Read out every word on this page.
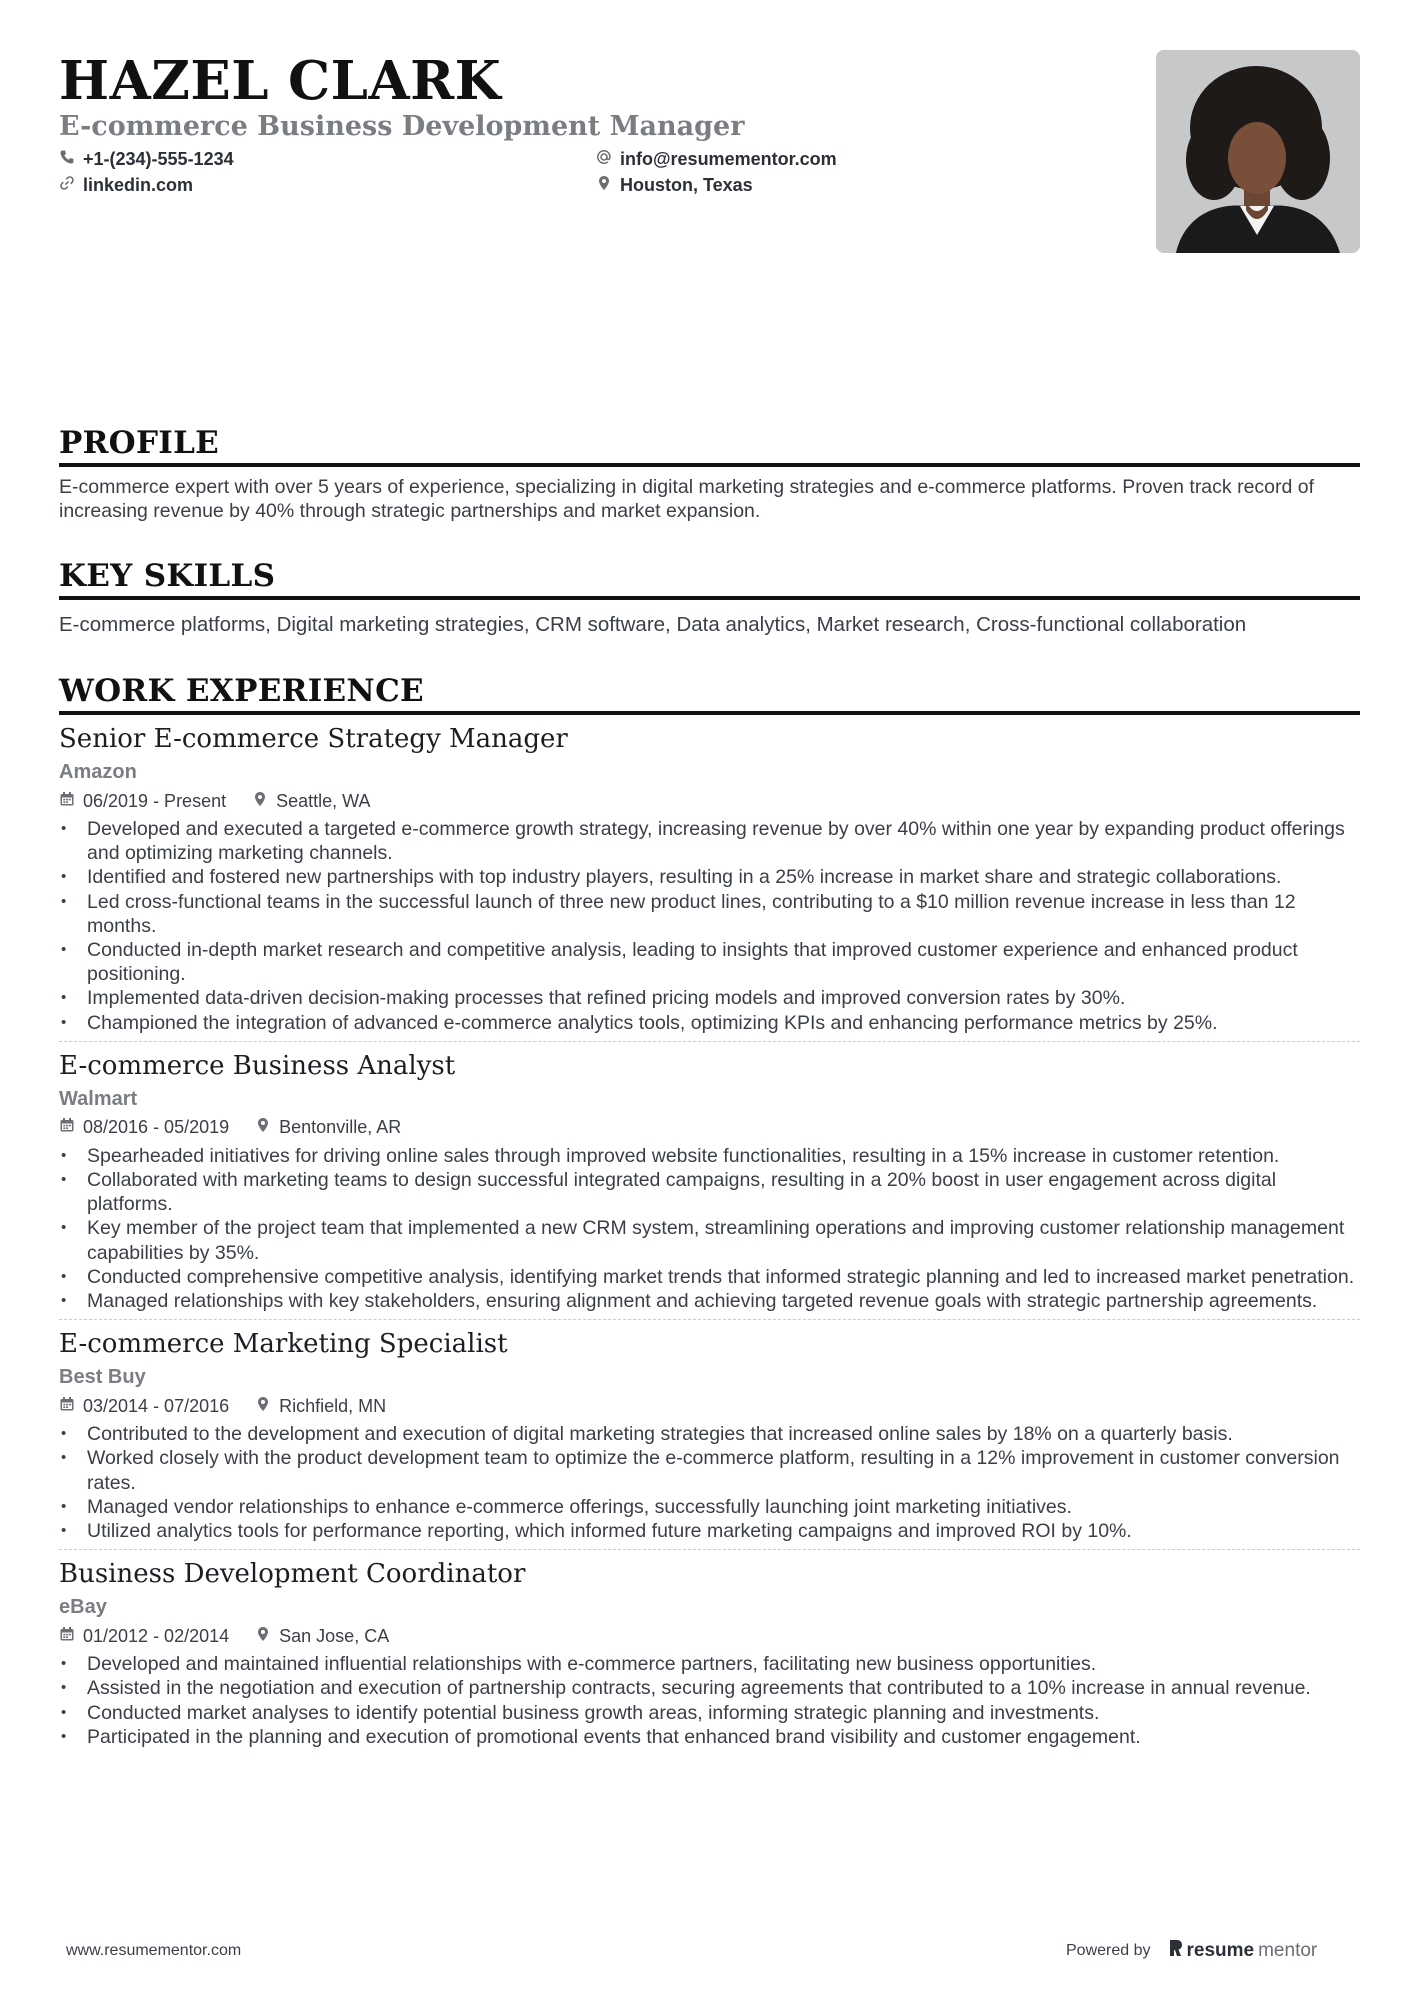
HAZEL CLARK
E-commerce Business Development Manager
+1-(234)-555-1234	info@resumementor.com
linkedin.com	Houston, Texas
PROFILE
E-commerce expert with over 5 years of experience, specializing in digital marketing strategies and e-commerce platforms. Proven track record of increasing revenue by 40% through strategic partnerships and market expansion.
KEY SKILLS
E-commerce platforms, Digital marketing strategies, CRM software, Data analytics, Market research, Cross-functional collaboration
WORK EXPERIENCE
Senior E-commerce Strategy Manager
Amazon
06/2019 - Present	Seattle, WA
• Developed and executed a targeted e-commerce growth strategy, increasing revenue by over 40% within one year by expanding product offerings and optimizing marketing channels.
• Identified and fostered new partnerships with top industry players, resulting in a 25% increase in market share and strategic collaborations.
• Led cross-functional teams in the successful launch of three new product lines, contributing to a $10 million revenue increase in less than 12 months.
• Conducted in-depth market research and competitive analysis, leading to insights that improved customer experience and enhanced product positioning.
• Implemented data-driven decision-making processes that refined pricing models and improved conversion rates by 30%.
• Championed the integration of advanced e-commerce analytics tools, optimizing KPIs and enhancing performance metrics by 25%.
E-commerce Business Analyst
Walmart
08/2016 - 05/2019	Bentonville, AR
• Spearheaded initiatives for driving online sales through improved website functionalities, resulting in a 15% increase in customer retention.
• Collaborated with marketing teams to design successful integrated campaigns, resulting in a 20% boost in user engagement across digital platforms.
• Key member of the project team that implemented a new CRM system, streamlining operations and improving customer relationship management capabilities by 35%.
• Conducted comprehensive competitive analysis, identifying market trends that informed strategic planning and led to increased market penetration.
• Managed relationships with key stakeholders, ensuring alignment and achieving targeted revenue goals with strategic partnership agreements.
E-commerce Marketing Specialist
Best Buy
03/2014 - 07/2016	Richfield, MN
• Contributed to the development and execution of digital marketing strategies that increased online sales by 18% on a quarterly basis.
• Worked closely with the product development team to optimize the e-commerce platform, resulting in a 12% improvement in customer conversion rates.
• Managed vendor relationships to enhance e-commerce offerings, successfully launching joint marketing initiatives.
• Utilized analytics tools for performance reporting, which informed future marketing campaigns and improved ROI by 10%.
Business Development Coordinator
eBay
01/2012 - 02/2014	San Jose, CA
• Developed and maintained influential relationships with e-commerce partners, facilitating new business opportunities.
• Assisted in the negotiation and execution of partnership contracts, securing agreements that contributed to a 10% increase in annual revenue.
• Conducted market analyses to identify potential business growth areas, informing strategic planning and investments.
• Participated in the planning and execution of promotional events that enhanced brand visibility and customer engagement.
www.resumementor.com	Powered by resume mentor
